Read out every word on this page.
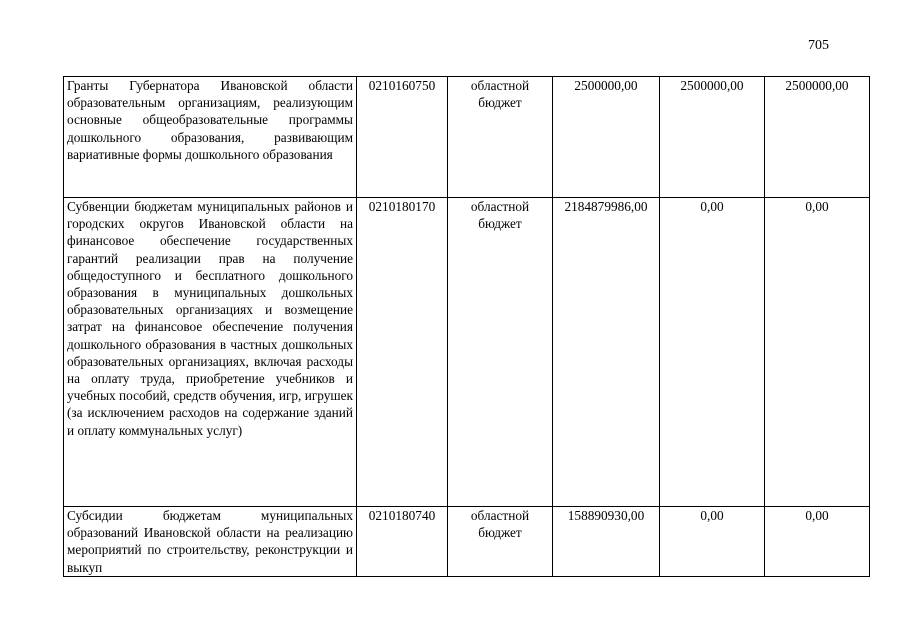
705
Гранты Губернатора Ивановской области образовательным организациям, реализующим основные общеобразовательные программы дошкольного образования, развивающим вариативные формы дошкольного образования	0210160750	областной бюджет	2500000,00	2500000,00	2500000,00
Субвенции бюджетам муниципальных районов и городских округов Ивановской области на финансовое обеспечение государственных гарантий реализации прав на получение общедоступного и бесплатного дошкольного образования в муниципальных дошкольных образовательных организациях и возмещение затрат на финансовое обеспечение получения дошкольного образования в частных дошкольных образовательных организациях, включая расходы на оплату труда, приобретение учебников и учебных пособий, средств обучения, игр, игрушек (за исключением расходов на содержание зданий и оплату коммунальных услуг)	0210180170	областной бюджет	2184879986,00	0,00	0,00
Субсидии бюджетам муниципальных образований Ивановской области на реализацию мероприятий по строительству, реконструкции и выкуп	0210180740	областной бюджет	158890930,00	0,00	0,00
